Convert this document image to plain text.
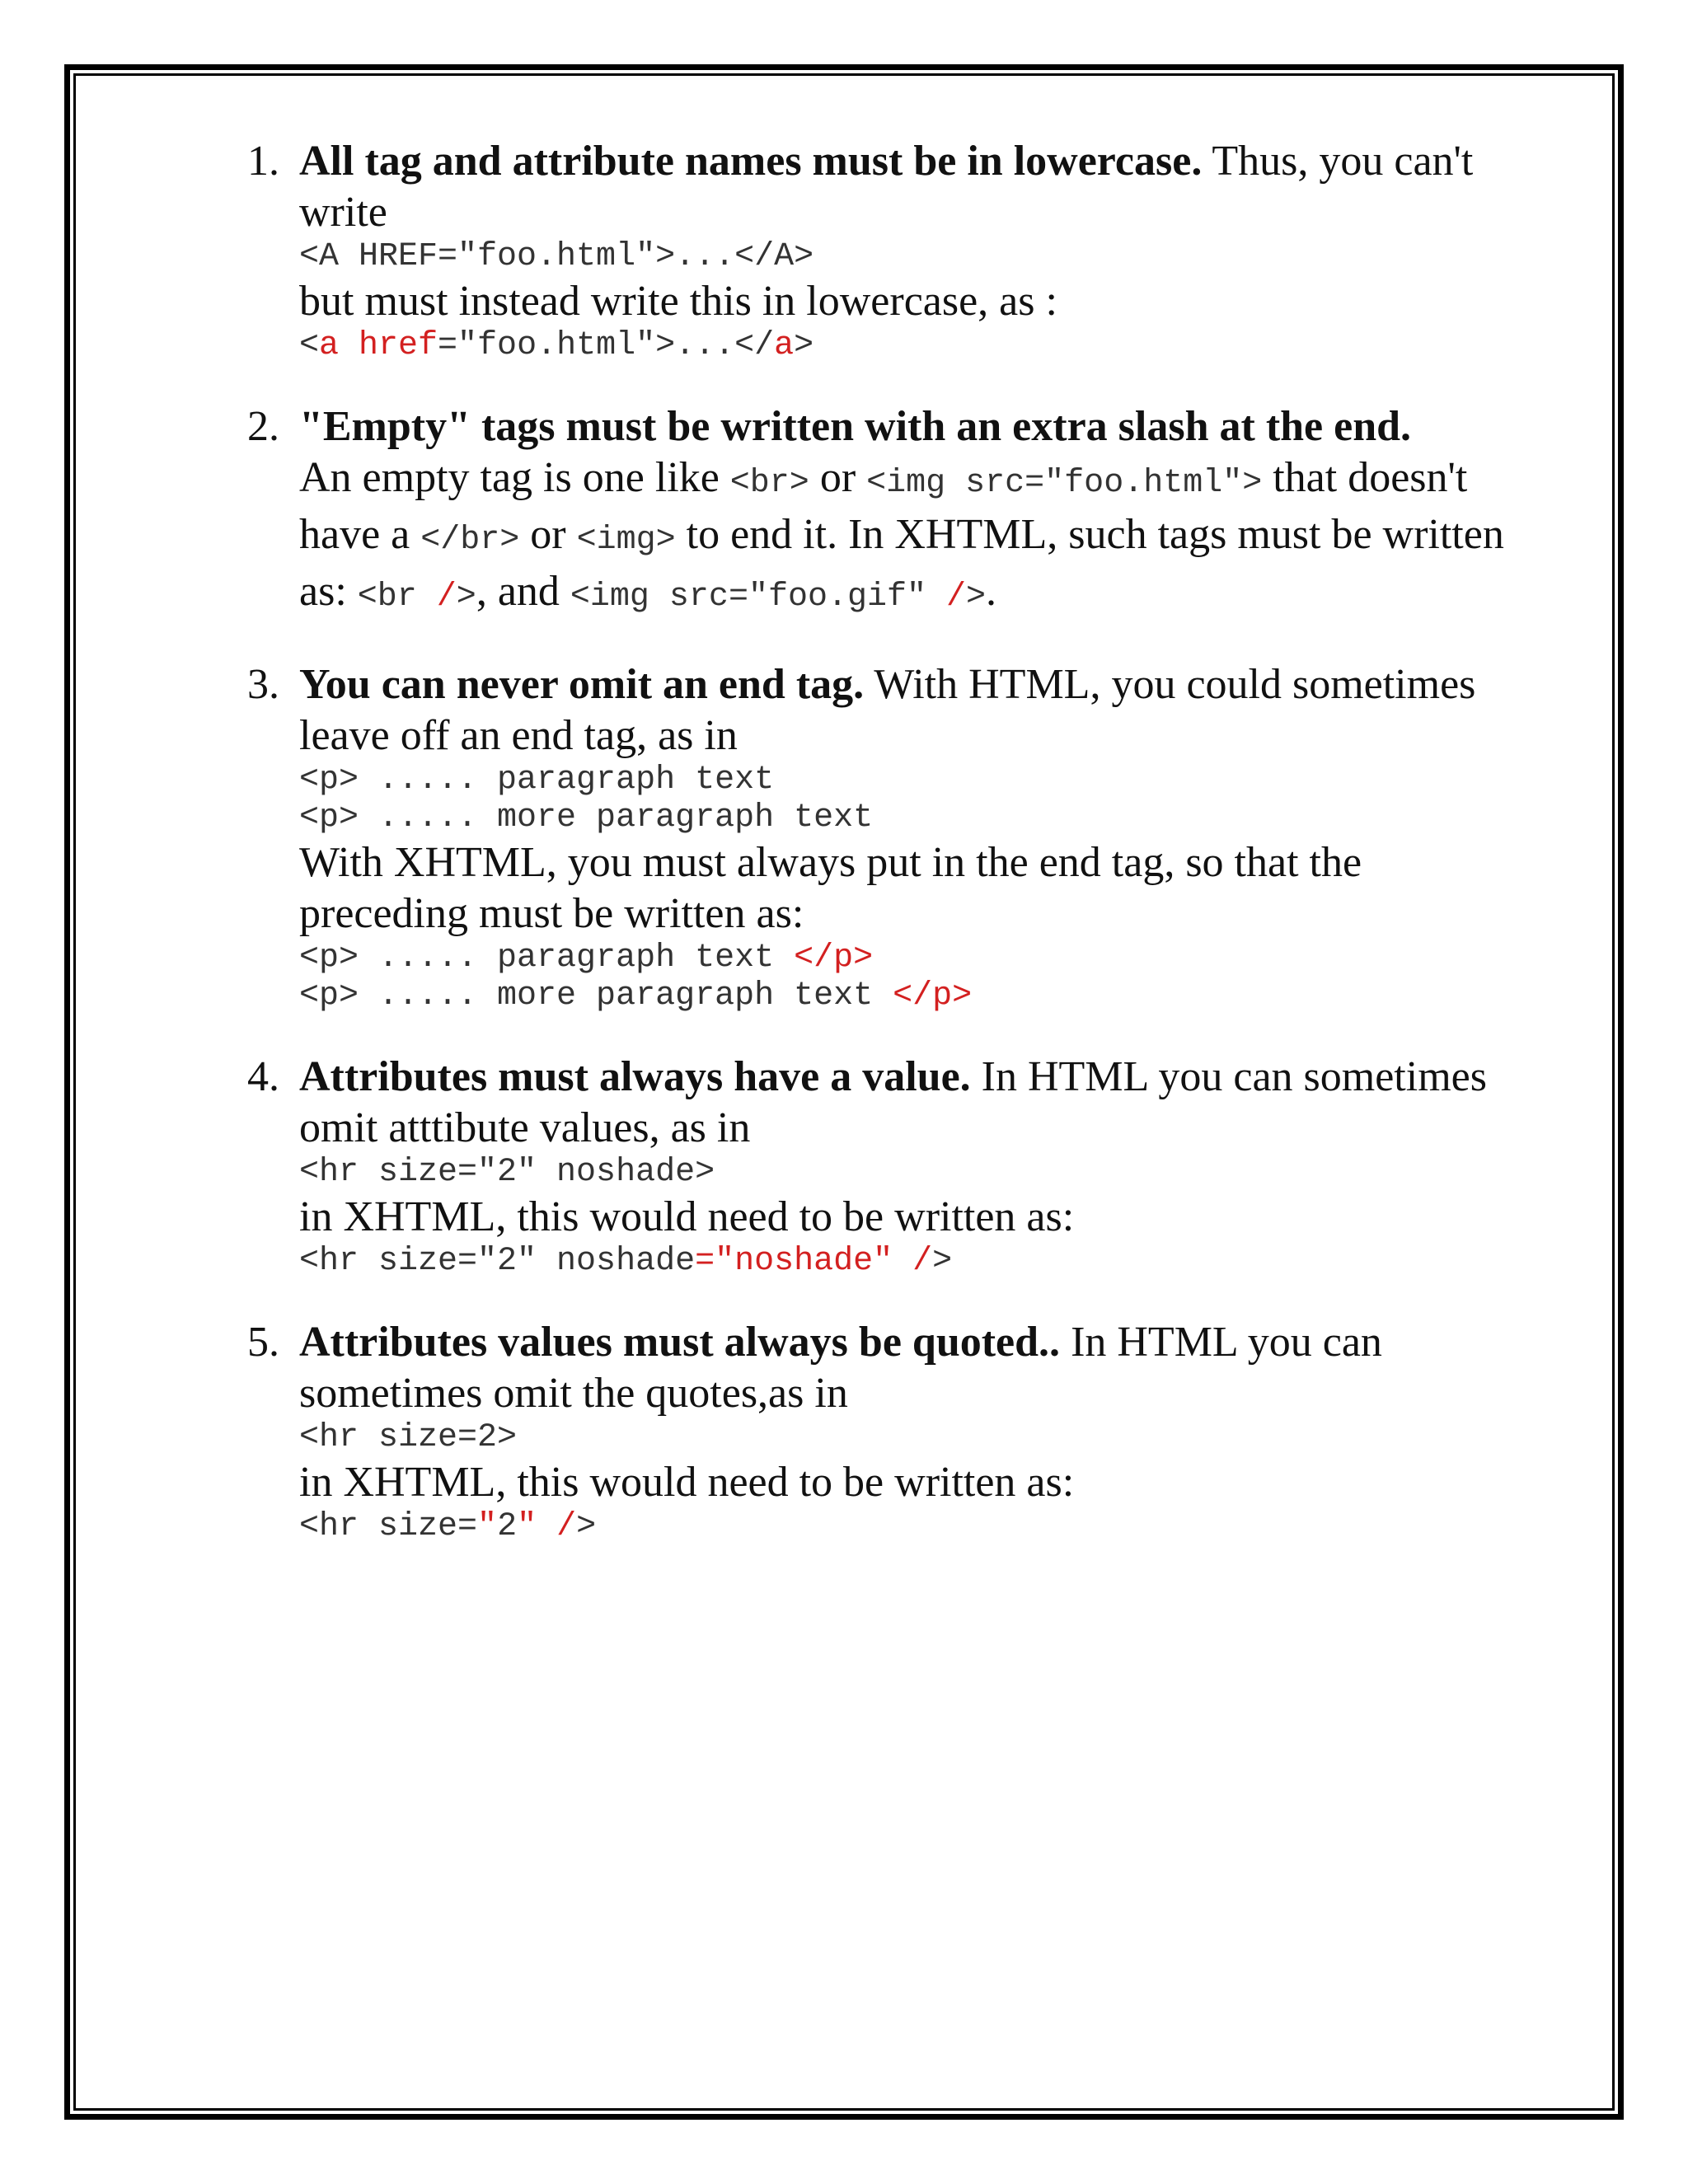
1. All tag and attribute names must be in lowercase. Thus, you can't write
<A HREF="foo.html">...</A>
but must instead write this in lowercase, as :
<a href="foo.html">...</a>
2. "Empty" tags must be written with an extra slash at the end.
An empty tag is one like <br> or <img src="foo.html"> that doesn't have a </br> or <img> to end it. In XHTML, such tags must be written as: <br />, and <img src="foo.gif" />.
3. You can never omit an end tag. With HTML, you could sometimes leave off an end tag, as in
<p> ..... paragraph text
<p> ..... more paragraph text
With XHTML, you must always put in the end tag, so that the preceding must be written as:
<p> ..... paragraph text </p>
<p> ..... more paragraph text </p>
4. Attributes must always have a value. In HTML you can sometimes omit atttibute values, as in
<hr size="2" noshade>
in XHTML, this would need to be written as:
<hr size="2" noshade="noshade" />
5. Attributes values must always be quoted.. In HTML you can sometimes omit the quotes,as in
<hr size=2>
in XHTML, this would need to be written as:
<hr size="2" />
